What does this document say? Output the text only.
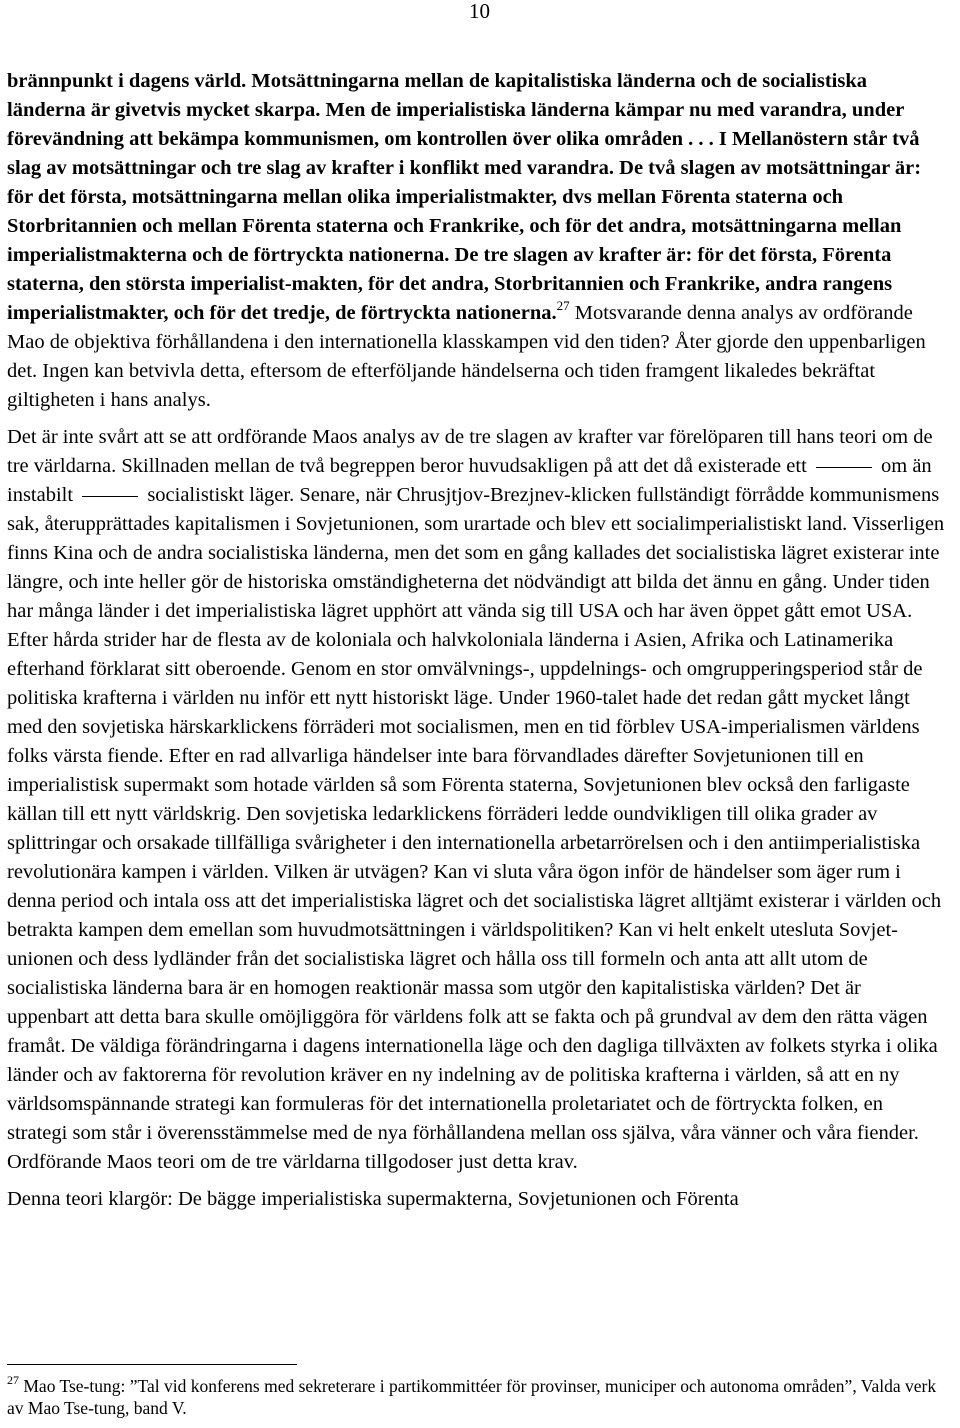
10

brännpunkt i dagens värld. Motsättningarna mellan de kapitalistiska länderna och de socialistiska länderna är givetvis mycket skarpa. Men de imperialistiska länderna kämpar nu med varandra, under förevändning att bekämpa kommunismen, om kontrollen över olika områden . . . I Mellanöstern står två slag av motsättningar och tre slag av krafter i konflikt med varandra. De två slagen av motsättningar är: för det första, motsättningarna mellan olika imperialistmakter, dvs mellan Förenta staterna och Storbritannien och mellan Förenta staterna och Frankrike, och för det andra, motsättningarna mellan imperialistmakterna och de förtryckta nationerna. De tre slagen av krafter är: för det första, Förenta staterna, den största imperialist-makten, för det andra, Storbritannien och Frankrike, andra rangens imperialistmakter, och för det tredje, de förtryckta nationerna.$^{27}$ Motsvarande denna analys av ordförande Mao de objektiva förhållandena i den internationella klasskampen vid den tiden? Åter gjorde den uppenbarligen det. Ingen kan betvivla detta, eftersom de efterföljande händelserna och tiden framgent likaledes bekräftat giltigheten i hans analys.

Det är inte svårt att se att ordförande Maos analys av de tre slagen av krafter var förelöparen till hans teori om de tre världarna. Skillnaden mellan de två begreppen beror huvudsakligen på att det då existerade ett	om än instabilt	socialistiskt läger. Senare, när Chrusjtjov-Brezjnev-klicken fullständigt förrådde kommunismens sak, återupprättades kapitalismen i Sovjetunionen, som urartade och blev ett socialimperialistiskt land. Visserligen finns Kina och de andra socialistiska länderna, men det som en gång kallades det socialistiska lägret existerar inte längre, och inte heller gör de historiska omständigheterna det nödvändigt att bilda det ännu en gång. Under tiden har många länder i det imperialistiska lägret upphört att vända sig till USA och har även öppet gått emot USA. Efter hårda strider har de flesta av de koloniala och halvkoloniala länderna i Asien, Afrika och Latinamerika efterhand förklarat sitt oberoende. Genom en stor omvälvnings-, uppdelnings- och omgrupperingsperiod står de politiska krafterna i världen nu inför ett nytt historiskt läge. Under 1960-talet hade det redan gått mycket långt med den sovjetiska härskarklickens förräderi mot socialismen, men en tid förblev USA-imperialismen världens folks värsta fiende. Efter en rad allvarliga händelser inte bara förvandlades därefter Sovjetunionen till en imperialistisk supermakt som hotade världen så som Förenta staterna, Sovjetunionen blev också den farligaste källan till ett nytt världskrig. Den sovjetiska ledarklickens förräderi ledde oundvikligen till olika grader av splittringar och orsakade tillfälliga svårigheter i den internationella arbetarrörelsen och i den antiimperialistiska revolutionära kampen i världen. Vilken är utvägen? Kan vi sluta våra ögon inför de händelser som äger rum i denna period och intala oss att det imperialistiska lägret och det socialistiska lägret alltjämt existerar i världen och betrakta kampen dem emellan som huvudmotsättningen i världspolitiken? Kan vi helt enkelt utesluta Sovjetunionen och dess lydländer från det socialistiska lägret och hålla oss till formeln och anta att allt utom de socialistiska länderna bara är en homogen reaktionär massa som utgör den kapitalistiska världen? Det är uppenbart att detta bara skulle omöjliggöra för världens folk att se fakta och på grundval av dem den rätta vägen framåt. De väldiga förändringarna i dagens internationella läge och den dagliga tillväxten av folkets styrka i olika länder och av faktorerna för revolution kräver en ny indelning av de politiska krafterna i världen, så att en ny världsomspännande strategi kan formuleras för det internationella proletariatet och de förtryckta folken, en strategi som står i överensstämmelse med de nya förhållandena mellan oss själva, våra vänner och våra fiender. Ordförande Maos teori om de tre världarna tillgodoser just detta krav.

Denna teori klargör: De bägge imperialistiska supermakterna, Sovjetunionen och Förenta

$^{27}$ Mao Tse-tung: ”Tal vid konferens med sekreterare i partikommittéer för provinser, municiper och autonoma områden”, Valda verk av Mao Tse-tung, band V.
